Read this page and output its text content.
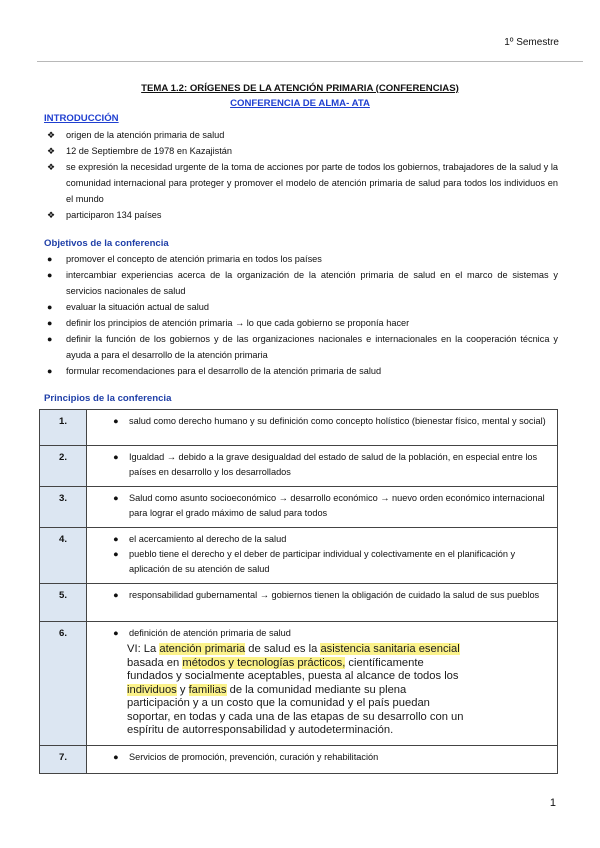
1º Semestre
TEMA 1.2: ORÍGENES DE LA ATENCIÓN PRIMARIA (CONFERENCIAS)
CONFERENCIA DE ALMA- ATA
INTRODUCCIÓN
❖ origen de la atención primaria de salud
❖ 12 de Septiembre de 1978 en Kazajistán
❖ se expresión la necesidad urgente de la toma de acciones por parte de todos los gobiernos, trabajadores de la salud y la comunidad internacional para proteger y promover el modelo de atención primaria de salud para todos los individuos en el mundo
❖ participaron 134 países
Objetivos de la conferencia
● promover el concepto de atención primaria en todos los países
● intercambiar experiencias acerca de la organización de la atención primaria de salud en el marco de sistemas y servicios nacionales de salud
● evaluar la situación actual de salud
● definir los principios de atención primaria → lo que cada gobierno se proponía hacer
● definir la función de los gobiernos y de las organizaciones nacionales e internacionales en la cooperación técnica y ayuda a para el desarrollo de la atención primaria
● formular recomendaciones para el desarrollo de la atención primaria de salud
Principios de la conferencia
1.	● salud como derecho humano y su definición como concepto holístico (bienestar físico, mental y social)

2.	● Igualdad → debido a la grave desigualdad del estado de salud de la población, en especial entre los países en desarrollo y los desarrollados

3.	● Salud como asunto socioeconómico → desarrollo económico → nuevo orden económico internacional para lograr el grado máximo de salud para todos

4.	● el acercamiento al derecho de la salud
● pueblo tiene el derecho y el deber de participar individual y colectivamente en el planificación y aplicación de su atención de salud

5.	● responsabilidad gubernamental → gobiernos tienen la obligación de cuidado la salud de sus pueblos

6.	● definición de atención primaria de salud
VI: La atención primaria de salud es la asistencia sanitaria esencial basada en métodos y tecnologías prácticos, científicamente fundados y socialmente aceptables, puesta al alcance de todos los individuos y familias de la comunidad mediante su plena participación y a un costo que la comunidad y el país puedan soportar, en todas y cada una de las etapas de su desarrollo con un espíritu de autorresponsabilidad y autodeterminación.

7.	● Servicios de promoción, prevención, curación y rehabilitación
1
